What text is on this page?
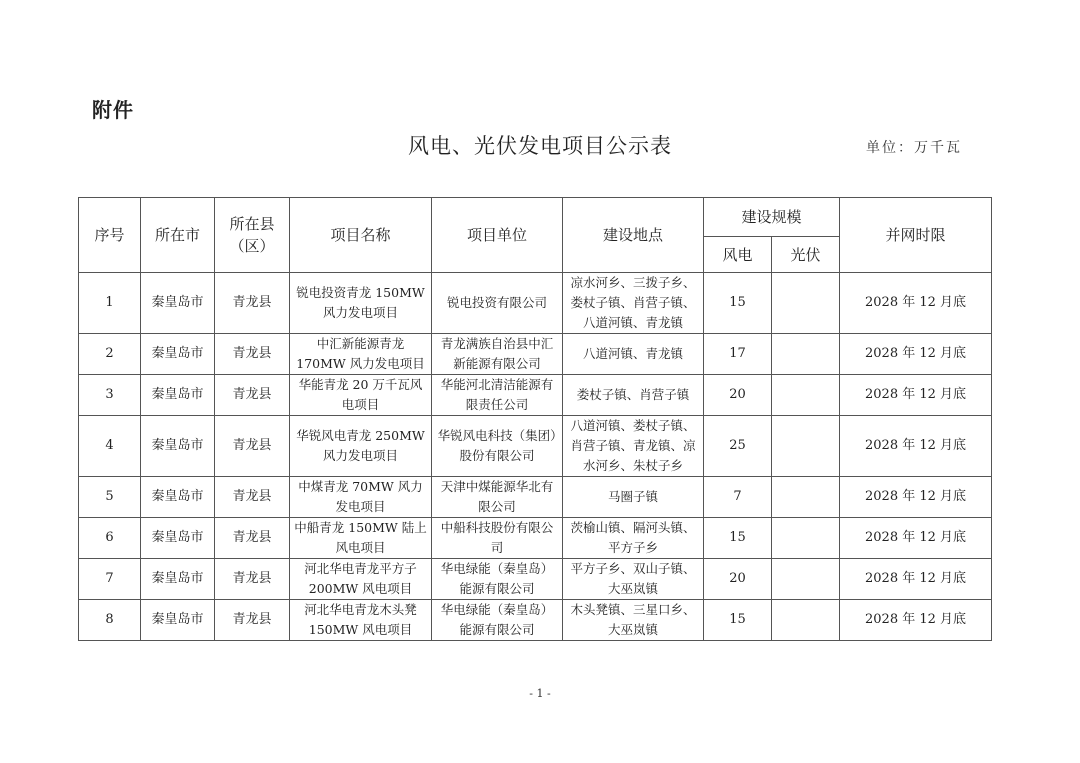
附件
风电、光伏发电项目公示表	单位：万千瓦
序号	所在市	所在县（区）	项目名称	项目单位	建设地点	建设规模		并网时限
						风电	光伏	
1	秦皇岛市	青龙县	锐电投资青龙 150MW 风力发电项目	锐电投资有限公司	凉水河乡、三拨子乡、娄杖子镇、肖营子镇、八道河镇、青龙镇	15		2028 年 12 月底
2	秦皇岛市	青龙县	中汇新能源青龙 170MW 风力发电项目	青龙满族自治县中汇新能源有限公司	八道河镇、青龙镇	17		2028 年 12 月底
3	秦皇岛市	青龙县	华能青龙 20 万千瓦风电项目	华能河北清洁能源有限责任公司	娄杖子镇、肖营子镇	20		2028 年 12 月底
4	秦皇岛市	青龙县	华锐风电青龙 250MW 风力发电项目	华锐风电科技（集团）股份有限公司	八道河镇、娄杖子镇、肖营子镇、青龙镇、凉水河乡、朱杖子乡	25		2028 年 12 月底
5	秦皇岛市	青龙县	中煤青龙 70MW 风力发电项目	天津中煤能源华北有限公司	马圈子镇	7		2028 年 12 月底
6	秦皇岛市	青龙县	中船青龙 150MW 陆上风电项目	中船科技股份有限公司	茨榆山镇、隔河头镇、平方子乡	15		2028 年 12 月底
7	秦皇岛市	青龙县	河北华电青龙平方子 200MW 风电项目	华电绿能（秦皇岛）能源有限公司	平方子乡、双山子镇、大巫岚镇	20		2028 年 12 月底
8	秦皇岛市	青龙县	河北华电青龙木头凳 150MW 风电项目	华电绿能（秦皇岛）能源有限公司	木头凳镇、三星口乡、大巫岚镇	15		2028 年 12 月底
- 1 -
